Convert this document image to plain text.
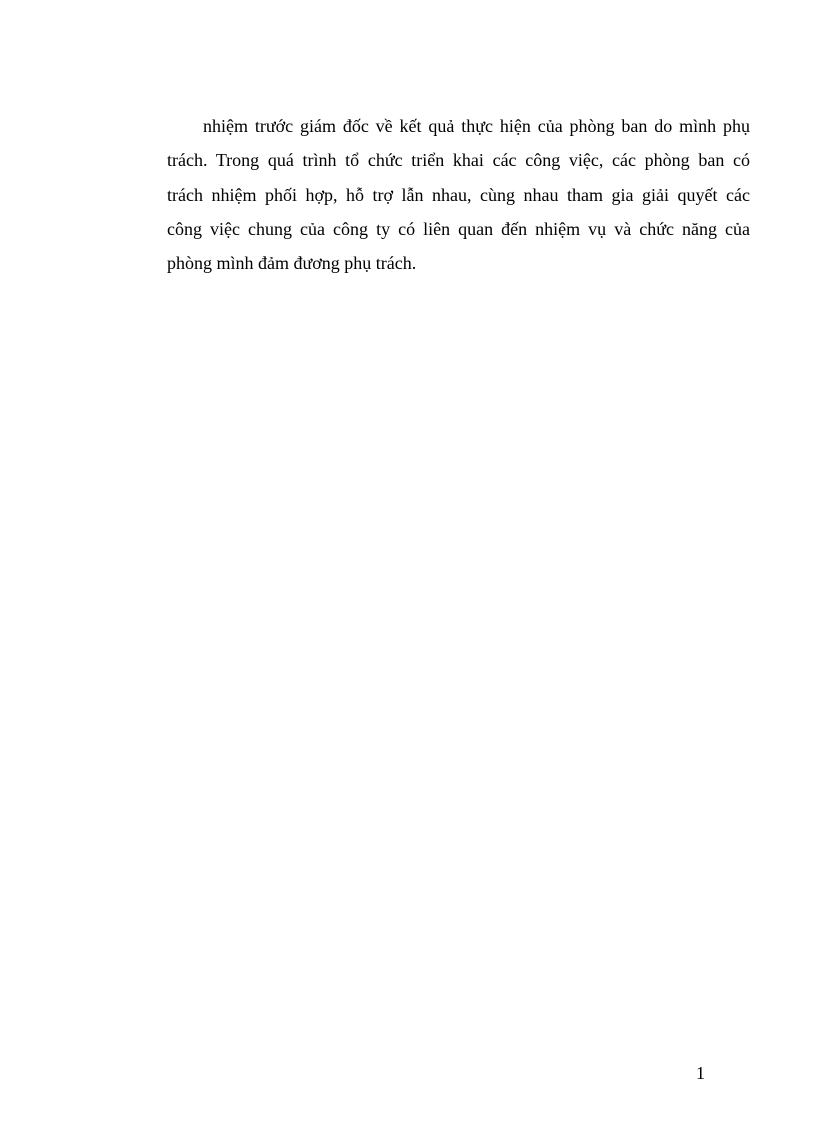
nhiệm trước giám đốc về kết quả thực hiện của phòng ban do mình phụ
trách. Trong quá trình tổ chức triển khai các công việc, các phòng ban có
trách nhiệm phối hợp, hỗ trợ lẫn nhau, cùng nhau tham gia giải quyết các
công việc chung của công ty có liên quan đến nhiệm vụ và chức năng của
phòng mình đảm đương phụ trách.

1
